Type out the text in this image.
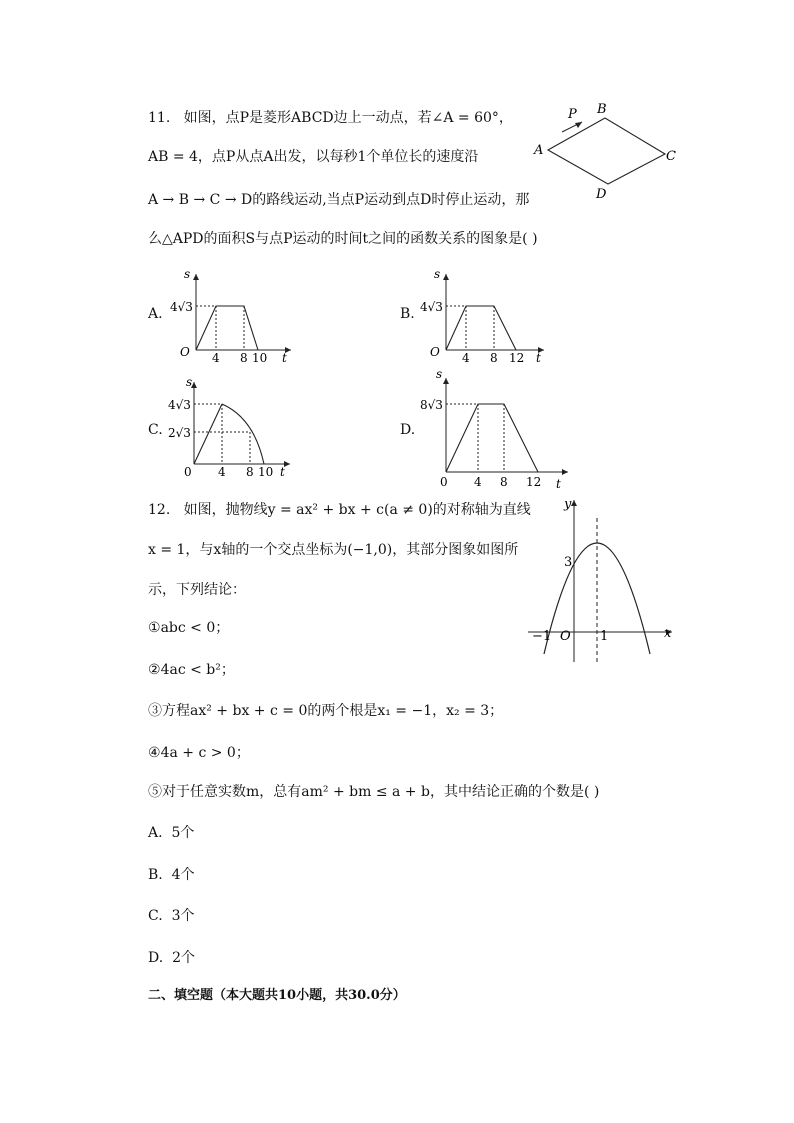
11. 如图，点P是菱形ABCD边上一动点，若∠A = 60°，
AB = 4，点P从点A出发，以每秒1个单位长的速度沿
A → B → C → D的路线运动,当点P运动到点D时停止运动，那
么△APD的面积S与点P运动的时间t之间的函数关系的图象是( )
P B
A	C
D
A.
s
4√3
O 4 8 10 t
B.
s
4√3
O 4 8 12 t
C.
s
4√3
2√3
0 4 8 10 t
D.
s
8√3
0 4 8 12 t
12. 如图，抛物线y = ax² + bx + c(a ≠ 0)的对称轴为直线
x = 1，与x轴的一个交点坐标为(−1,0)，其部分图象如图所
示，下列结论：
①abc < 0；
②4ac < b²；
③方程ax² + bx + c = 0的两个根是x₁ = −1，x₂ = 3；
④4a + c > 0；
⑤对于任意实数m，总有am² + bm ≤ a + b，其中结论正确的个数是( )
y
3
−1 O 1	x
A. 5个
B. 4个
C. 3个
D. 2个
二、填空题（本大题共10小题，共30.0分）
